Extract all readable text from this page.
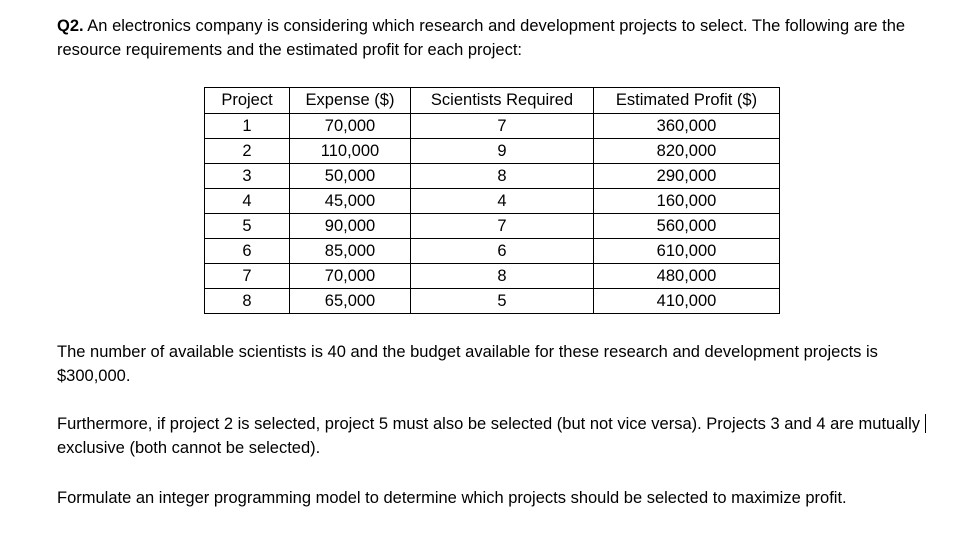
Q2. An electronics company is considering which research and development projects to select. The following are the resource requirements and the estimated profit for each project:

Project	Expense ($)	Scientists Required	Estimated Profit ($)
1	70,000	7	360,000
2	110,000	9	820,000
3	50,000	8	290,000
4	45,000	4	160,000
5	90,000	7	560,000
6	85,000	6	610,000
7	70,000	8	480,000
8	65,000	5	410,000

The number of available scientists is 40 and the budget available for these research and development projects is $300,000.

Furthermore, if project 2 is selected, project 5 must also be selected (but not vice versa). Projects 3 and 4 are mutually exclusive (both cannot be selected).

Formulate an integer programming model to determine which projects should be selected to maximize profit.
